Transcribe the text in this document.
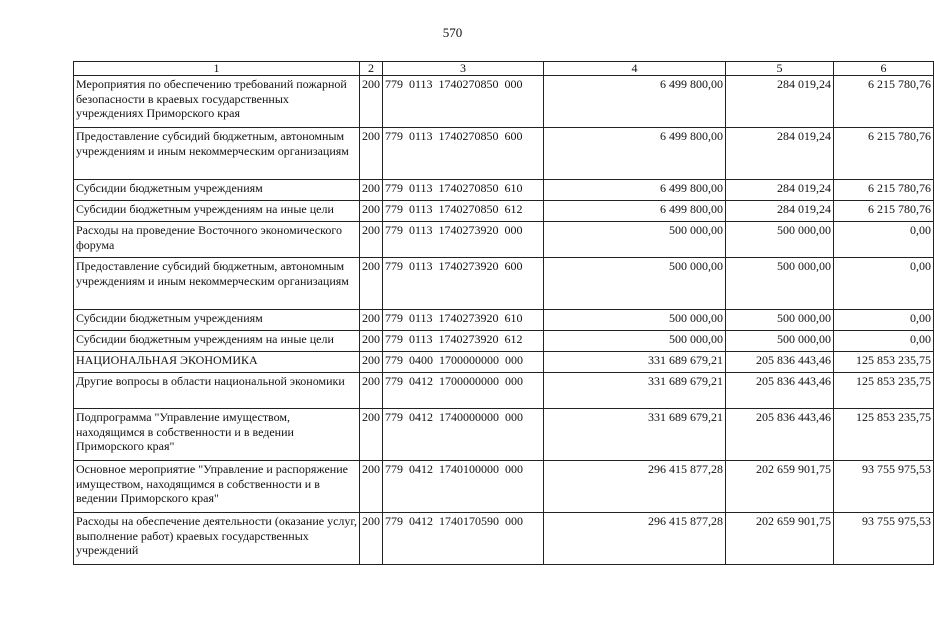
570
1	2	3	4	5	6
Мероприятия по обеспечению требований пожарной безопасности в краевых государственных учреждениях Приморского края	200	779  0113  1740270850  000	6 499 800,00	284 019,24	6 215 780,76
Предоставление субсидий бюджетным, автономным учреждениям и иным некоммерческим организациям	200	779  0113  1740270850  600	6 499 800,00	284 019,24	6 215 780,76
Субсидии бюджетным учреждениям	200	779  0113  1740270850  610	6 499 800,00	284 019,24	6 215 780,76
Субсидии бюджетным учреждениям на иные цели	200	779  0113  1740270850  612	6 499 800,00	284 019,24	6 215 780,76
Расходы на проведение Восточного экономического форума	200	779  0113  1740273920  000	500 000,00	500 000,00	0,00
Предоставление субсидий бюджетным, автономным учреждениям и иным некоммерческим организациям	200	779  0113  1740273920  600	500 000,00	500 000,00	0,00
Субсидии бюджетным учреждениям	200	779  0113  1740273920  610	500 000,00	500 000,00	0,00
Субсидии бюджетным учреждениям на иные цели	200	779  0113  1740273920  612	500 000,00	500 000,00	0,00
НАЦИОНАЛЬНАЯ ЭКОНОМИКА	200	779  0400  1700000000  000	331 689 679,21	205 836 443,46	125 853 235,75
Другие вопросы в области национальной экономики	200	779  0412  1700000000  000	331 689 679,21	205 836 443,46	125 853 235,75
Подпрограмма "Управление имуществом, находящимся в собственности и в ведении Приморского края"	200	779  0412  1740000000  000	331 689 679,21	205 836 443,46	125 853 235,75
Основное мероприятие "Управление и распоряжение имуществом, находящимся в собственности и в ведении Приморского края"	200	779  0412  1740100000  000	296 415 877,28	202 659 901,75	93 755 975,53
Расходы на обеспечение деятельности (оказание услуг, выполнение работ) краевых государственных учреждений	200	779  0412  1740170590  000	296 415 877,28	202 659 901,75	93 755 975,53
